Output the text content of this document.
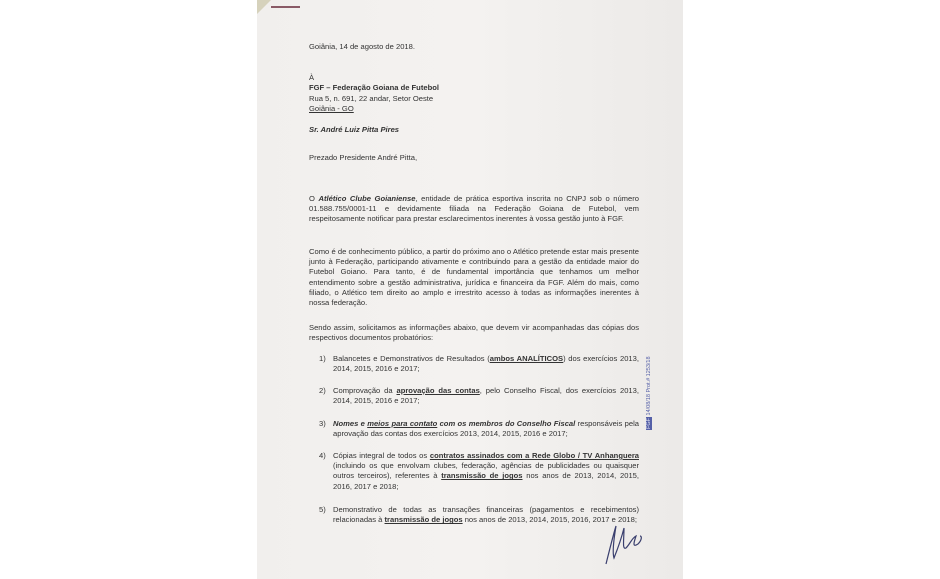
Goiânia, 14 de agosto de 2018.
À
FGF – Federação Goiana de Futebol
Rua 5, n. 691, 22 andar, Setor Oeste
Goiânia - GO
Sr. André Luiz Pitta Pires
Prezado Presidente André Pitta,
O Atlético Clube Goianiense, entidade de prática esportiva inscrita no CNPJ sob o número 01.588.755/0001-11 e devidamente filiada na Federação Goiana de Futebol, vem respeitosamente notificar para prestar esclarecimentos inerentes à vossa gestão junto à FGF.
Como é de conhecimento público, a partir do próximo ano o Atlético pretende estar mais presente junto à Federação, participando ativamente e contribuindo para a gestão da entidade maior do Futebol Goiano. Para tanto, é de fundamental importância que tenhamos um melhor entendimento sobre a gestão administrativa, jurídica e financeira da FGF. Além do mais, como filiado, o Atlético tem direito ao amplo e irrestrito acesso à todas as informações inerentes à nossa federação.
Sendo assim, solicitamos as informações abaixo, que devem vir acompanhadas das cópias dos respectivos documentos probatórios:
1) Balancetes e Demonstrativos de Resultados (ambos ANALÍTICOS) dos exercícios 2013, 2014, 2015, 2016 e 2017;
2) Comprovação da aprovação das contas, pelo Conselho Fiscal, dos exercícios 2013, 2014, 2015, 2016 e 2017;
3) Nomes e meios para contato com os membros do Conselho Fiscal responsáveis pela aprovação das contas dos exercícios 2013, 2014, 2015, 2016 e 2017;
4) Cópias integral de todos os contratos assinados com a Rede Globo / TV Anhanguera (incluindo os que envolvam clubes, federação, agências de publicidades ou quaisquer outros terceiros), referentes à transmissão de jogos nos anos de 2013, 2014, 2015, 2016, 2017 e 2018;
5) Demonstrativo de todas as transações financeiras (pagamentos e recebimentos) relacionadas à transmissão de jogos nos anos de 2013, 2014, 2015, 2016, 2017 e 2018;
FGF 14/08/18 Prot.# 1253/18
